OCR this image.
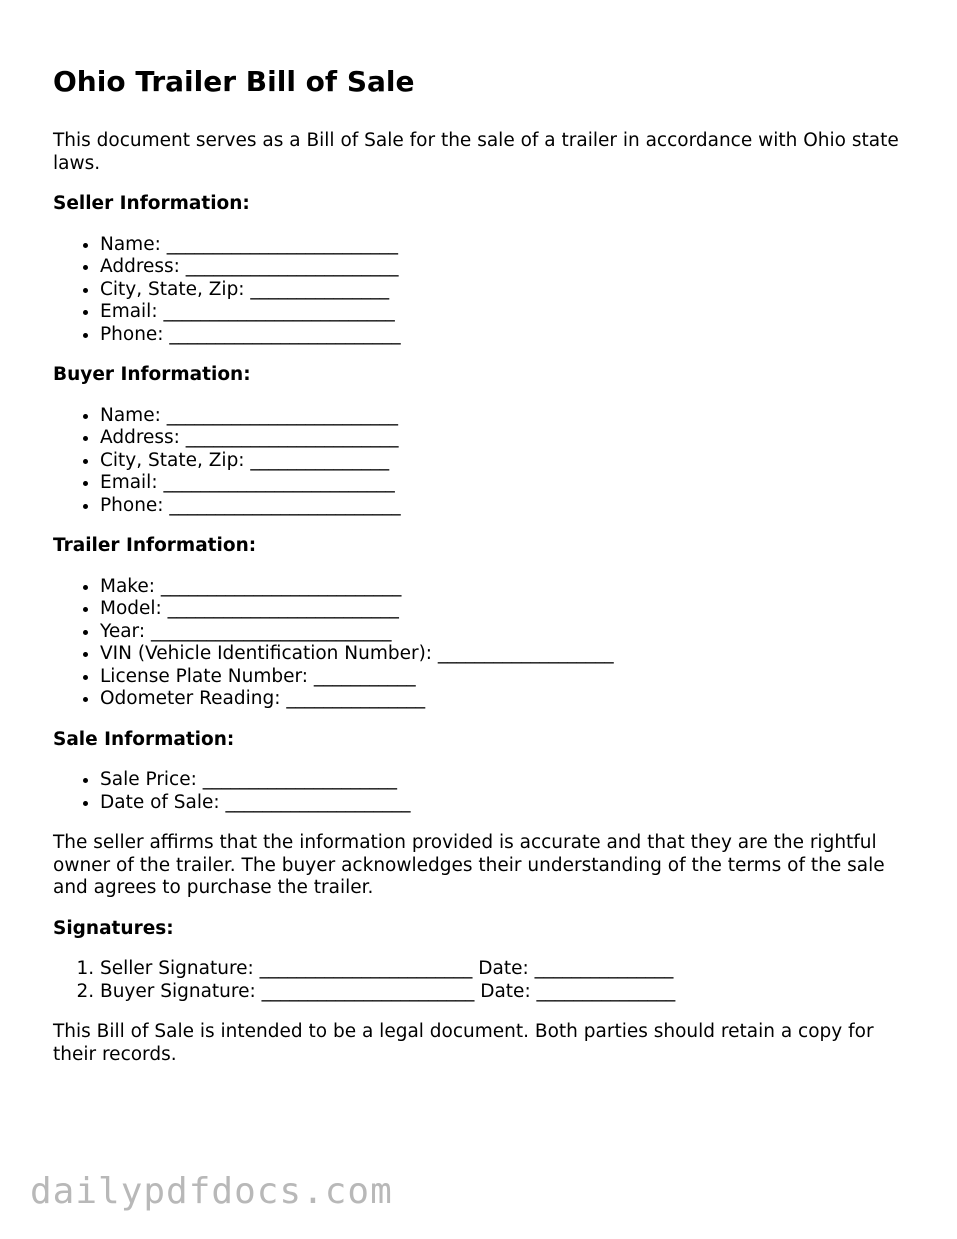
Ohio Trailer Bill of Sale

This document serves as a Bill of Sale for the sale of a trailer in accordance with Ohio state laws.

Seller Information:
• Name: _________________________
• Address: _______________________
• City, State, Zip: _______________
• Email: _________________________
• Phone: _________________________
Buyer Information:
• Name: _________________________
• Address: _______________________
• City, State, Zip: _______________
• Email: _________________________
• Phone: _________________________
Trailer Information:
• Make: __________________________
• Model: _________________________
• Year: __________________________
• VIN (Vehicle Identification Number): ___________________
• License Plate Number: ___________
• Odometer Reading: _______________
Sale Information:
• Sale Price: _____________________
• Date of Sale: ____________________

The seller affirms that the information provided is accurate and that they are the rightful owner of the trailer. The buyer acknowledges their understanding of the terms of the sale and agrees to purchase the trailer.

Signatures:
1. Seller Signature: _______________________ Date: _______________
2. Buyer Signature: _______________________ Date: _______________

This Bill of Sale is intended to be a legal document. Both parties should retain a copy for their records.

dailypdfdocs.com
